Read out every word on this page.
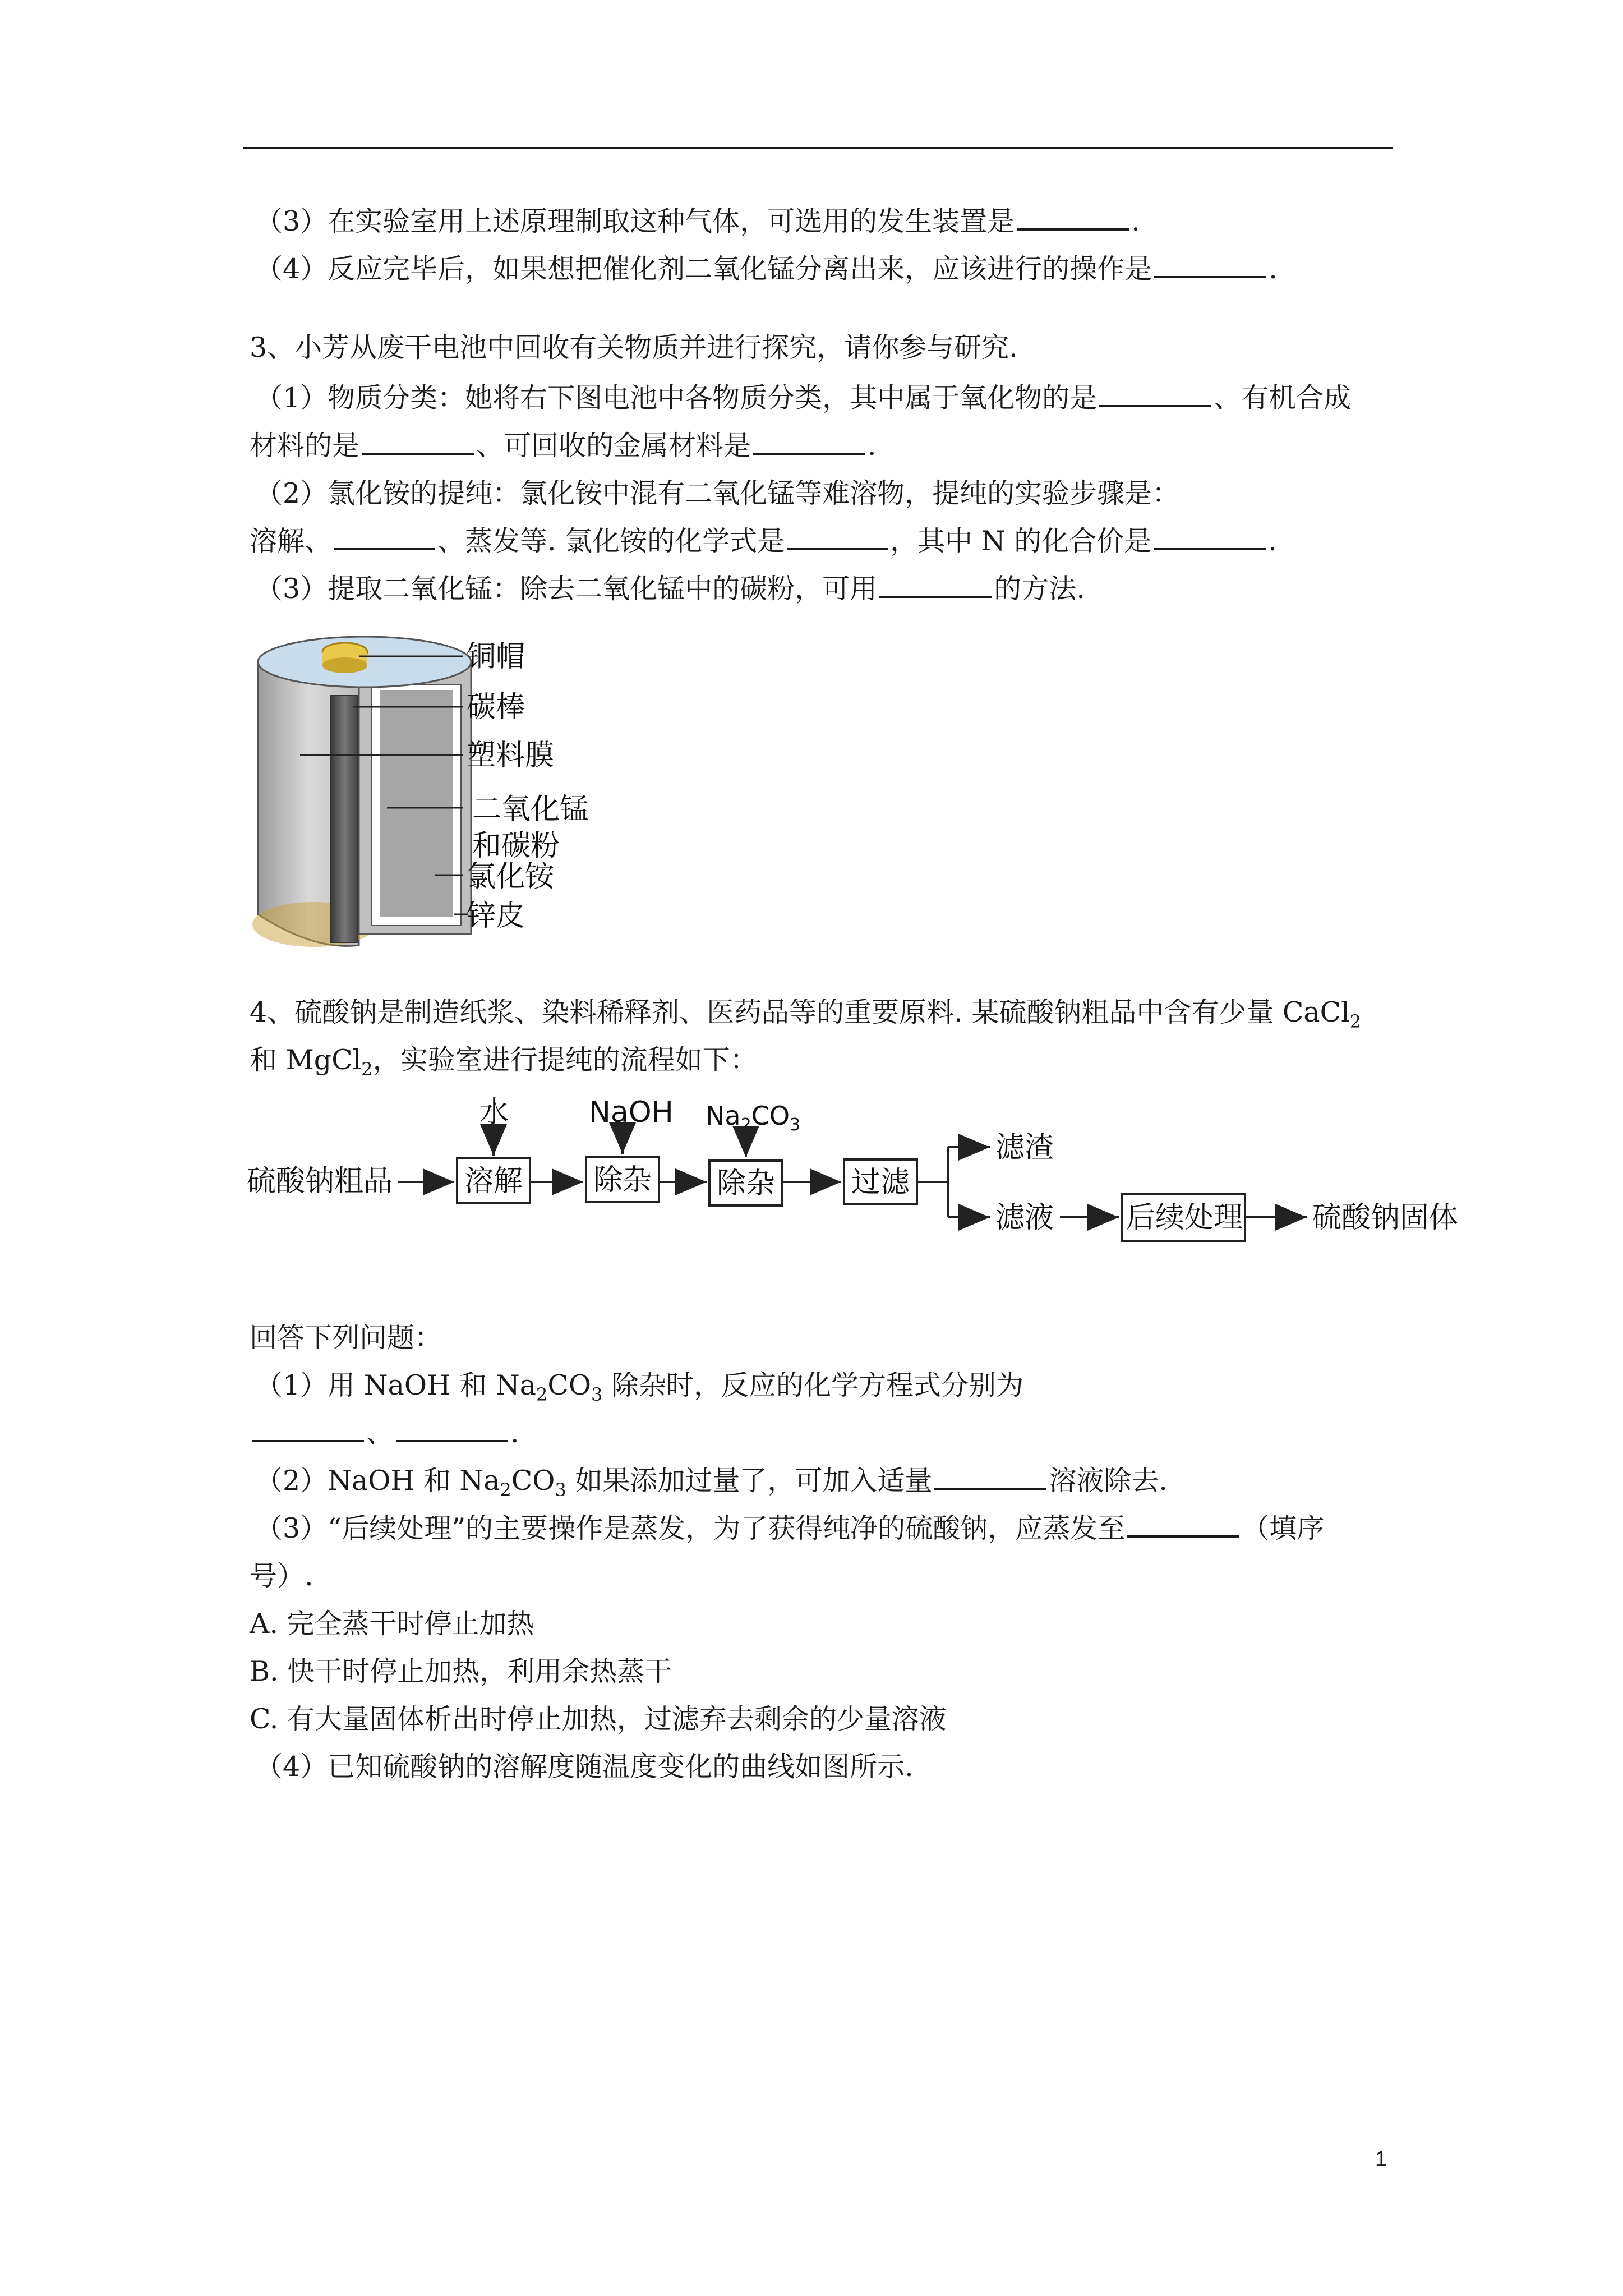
（3）在实验室用上述原理制取这种气体，可选用的发生装置是	.
（4）反应完毕后，如果想把催化剂二氧化锰分离出来，应该进行的操作是	.
3、小芳从废干电池中回收有关物质并进行探究，请你参与研究.
（1）物质分类：她将右下图电池中各物质分类，其中属于氧化物的是	、有机合成
材料的是	、可回收的金属材料是	.
（2）氯化铵的提纯：氯化铵中混有二氧化锰等难溶物，提纯的实验步骤是：
溶解、	、蒸发等. 氯化铵的化学式是	，其中 N 的化合价是	.
（3）提取二氧化锰：除去二氧化锰中的碳粉，可用	的方法.
铜帽
碳棒
塑料膜
二氧化锰
和碳粉
氯化铵
锌皮
4、硫酸钠是制造纸浆、染料稀释剂、医药品等的重要原料. 某硫酸钠粗品中含有少量 CaCl$_2$
和 MgCl$_2$，实验室进行提纯的流程如下：
硫酸钠粗品 溶解
水
除杂
NaOH
除杂
$Na_2CO_3$
过滤
滤渣
滤液 后续处理 硫酸钠固体
回答下列问题：
（1）用 NaOH 和 $Na_2CO_3$ 除杂时，反应的化学方程式分别为
、	.
（2）NaOH 和 $Na_2CO_3$ 如果添加过量了，可加入适量	溶液除去.
（3）“后续处理”的主要操作是蒸发，为了获得纯净的硫酸钠，应蒸发至	（填序
号）.
A. 完全蒸干时停止加热
B. 快干时停止加热，利用余热蒸干
C. 有大量固体析出时停止加热，过滤弃去剩余的少量溶液
（4）已知硫酸钠的溶解度随温度变化的曲线如图所示.
1
